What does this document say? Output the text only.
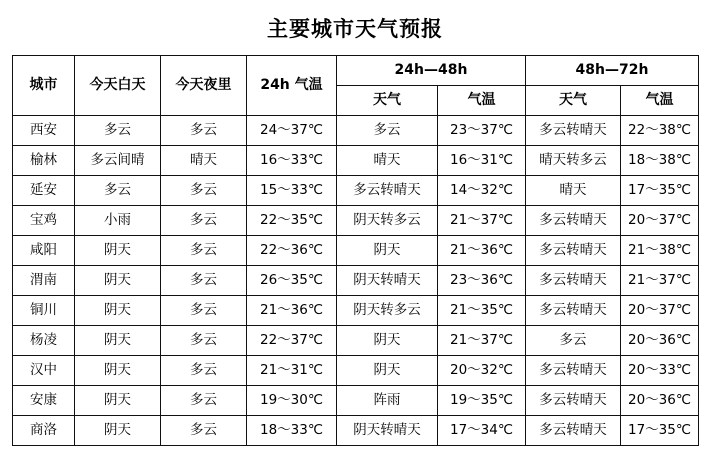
主要城市天气预报
城市	今天白天	今天夜里	24h 气温	24h—48h		48h—72h	
				天气	气温	天气	气温
西安	多云	多云	24～37℃	多云	23～37℃	多云转晴天	22～38℃
榆林	多云间晴	晴天	16～33℃	晴天	16～31℃	晴天转多云	18～38℃
延安	多云	多云	15～33℃	多云转晴天	14～32℃	晴天	17～35℃
宝鸡	小雨	多云	22～35℃	阴天转多云	21～37℃	多云转晴天	20～37℃
咸阳	阴天	多云	22～36℃	阴天	21～36℃	多云转晴天	21～38℃
渭南	阴天	多云	26～35℃	阴天转晴天	23～36℃	多云转晴天	21～37℃
铜川	阴天	多云	21～36℃	阴天转多云	21～35℃	多云转晴天	20～37℃
杨凌	阴天	多云	22～37℃	阴天	21～37℃	多云	20～36℃
汉中	阴天	多云	21～31℃	阴天	20～32℃	多云转晴天	20～33℃
安康	阴天	多云	19～30℃	阵雨	19～35℃	多云转晴天	20～36℃
商洛	阴天	多云	18～33℃	阴天转晴天	17～34℃	多云转晴天	17～35℃
